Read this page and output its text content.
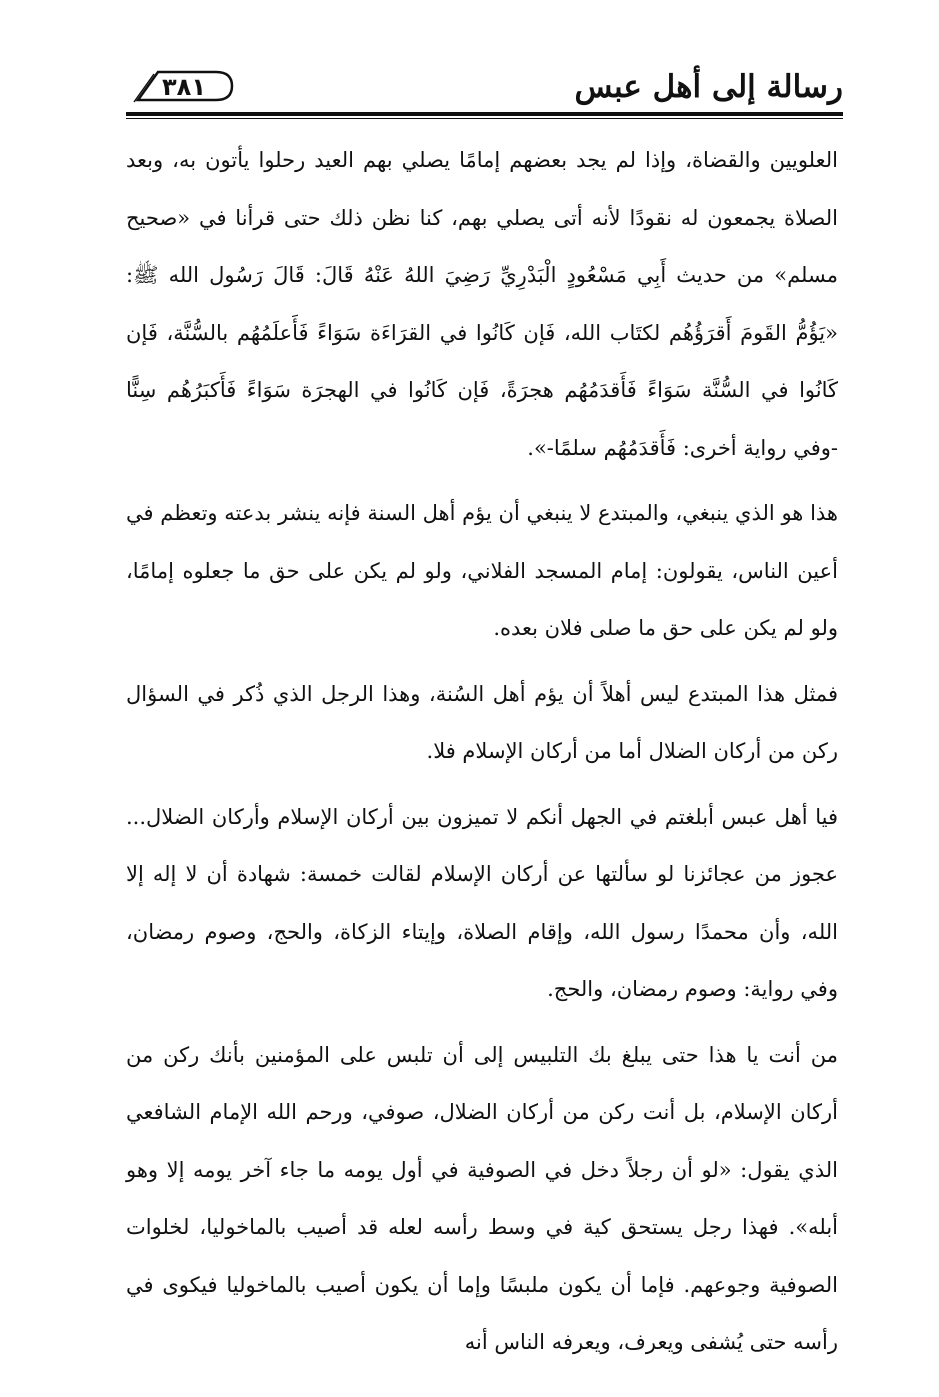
رسالة إلى أهل عبس
٣٨١

العلويين والقضاة، وإذا لم يجد بعضهم إمامًا يصلي بهم العيد رحلوا يأتون به، وبعد الصلاة يجمعون له نقودًا لأنه أتى يصلي بهم، كنا نظن ذلك حتى قرأنا في «صحيح مسلم» من حديث أَبِي مَسْعُودٍ الْبَدْرِيِّ رَضِيَ اللهُ عَنْهُ قَالَ: قَالَ رَسُول الله ﷺ: «يَؤُمُّ القَومَ أَقرَؤُهُم لكتَاب الله، فَإن كَانُوا في القرَاءَة سَوَاءً فَأَعلَمُهُم بالسُّنَّة، فَإن كَانُوا في السُّنَّة سَوَاءً فَأَقدَمُهُم هجرَةً، فَإن كَانُوا في الهجرَة سَوَاءً فَأَكبَرُهُم سِنًّا -وفي رواية أخرى: فَأَقدَمُهُم سلمًا-».

هذا هو الذي ينبغي، والمبتدع لا ينبغي أن يؤم أهل السنة فإنه ينشر بدعته وتعظم في أعين الناس، يقولون: إمام المسجد الفلاني، ولو لم يكن على حق ما جعلوه إمامًا، ولو لم يكن على حق ما صلى فلان بعده.

فمثل هذا المبتدع ليس أهلاً أن يؤم أهل السُنة، وهذا الرجل الذي ذُكر في السؤال ركن من أركان الضلال أما من أركان الإسلام فلا.

فيا أهل عبس أبلغتم في الجهل أنكم لا تميزون بين أركان الإسلام وأركان الضلال... عجوز من عجائزنا لو سألتها عن أركان الإسلام لقالت خمسة: شهادة أن لا إله إلا الله، وأن محمدًا رسول الله، وإقام الصلاة، وإيتاء الزكاة، والحج، وصوم رمضان، وفي رواية: وصوم رمضان، والحج.

من أنت يا هذا حتى يبلغ بك التلبيس إلى أن تلبس على المؤمنين بأنك ركن من أركان الإسلام، بل أنت ركن من أركان الضلال، صوفي، ورحم الله الإمام الشافعي الذي يقول: «لو أن رجلاً دخل في الصوفية في أول يومه ما جاء آخر يومه إلا وهو أبله». فهذا رجل يستحق كية في وسط رأسه لعله قد أصيب بالماخوليا، لخلوات الصوفية وجوعهم. فإما أن يكون ملبسًا وإما أن يكون أصيب بالماخوليا فيكوى في رأسه حتى يُشفى ويعرف، ويعرفه الناس أنه
